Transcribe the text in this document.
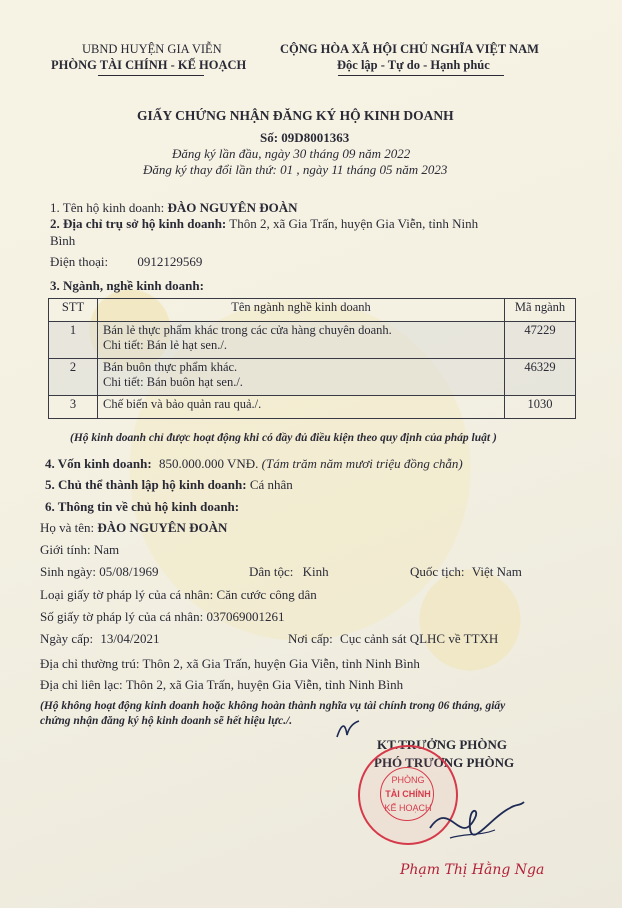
UBND HUYỆN GIA VIỄN
PHÒNG TÀI CHÍNH - KẾ HOẠCH
CỘNG HÒA XÃ HỘI CHỦ NGHĨA VIỆT NAM
Độc lập - Tự do - Hạnh phúc
GIẤY CHỨNG NHẬN ĐĂNG KÝ HỘ KINH DOANH
Số: 09D8001363
Đăng ký lần đầu, ngày 30 tháng 09 năm 2022
Đăng ký thay đổi lần thứ: 01 , ngày 11 tháng 05 năm 2023
1. Tên hộ kinh doanh: ĐÀO NGUYÊN ĐOÀN
2. Địa chỉ trụ sở hộ kinh doanh: Thôn 2, xã Gia Trấn, huyện Gia Viễn, tỉnh Ninh
Bình
Điện thoại: 0912129569
3. Ngành, nghề kinh doanh:
STT	Tên ngành nghề kinh doanh	Mã ngành
1	Bán lẻ thực phẩm khác trong các cửa hàng chuyên doanh.
Chi tiết: Bán lẻ hạt sen./.	47229
2	Bán buôn thực phẩm khác.
Chi tiết: Bán buôn hạt sen./.	46329
3	Chế biến và bảo quản rau quả./.	1030
(Hộ kinh doanh chỉ được hoạt động khi có đầy đủ điều kiện theo quy định của pháp luật )
4. Vốn kinh doanh: 850.000.000 VNĐ. (Tám trăm năm mươi triệu đồng chẵn)
5. Chủ thể thành lập hộ kinh doanh: Cá nhân
6. Thông tin về chủ hộ kinh doanh:
Họ và tên: ĐÀO NGUYÊN ĐOÀN
Giới tính: Nam
Sinh ngày: 05/08/1969	Dân tộc: Kinh	Quốc tịch: Việt Nam
Loại giấy tờ pháp lý của cá nhân: Căn cước công dân
Số giấy tờ pháp lý của cá nhân: 037069001261
Ngày cấp: 13/04/2021	Nơi cấp: Cục cảnh sát QLHC về TTXH
Địa chỉ thường trú: Thôn 2, xã Gia Trấn, huyện Gia Viễn, tỉnh Ninh Bình
Địa chỉ liên lạc: Thôn 2, xã Gia Trấn, huyện Gia Viễn, tỉnh Ninh Bình
(Hộ không hoạt động kinh doanh hoặc không hoàn thành nghĩa vụ tài chính trong 06 tháng, giấy
chứng nhận đăng ký hộ kinh doanh sẽ hết hiệu lực./.
KT.TRƯỞNG PHÒNG
PHÓ TRƯỞNG PHÒNG
PHÒNG
TÀI CHÍNH
KẾ HOẠCH
Phạm Thị Hằng Nga
